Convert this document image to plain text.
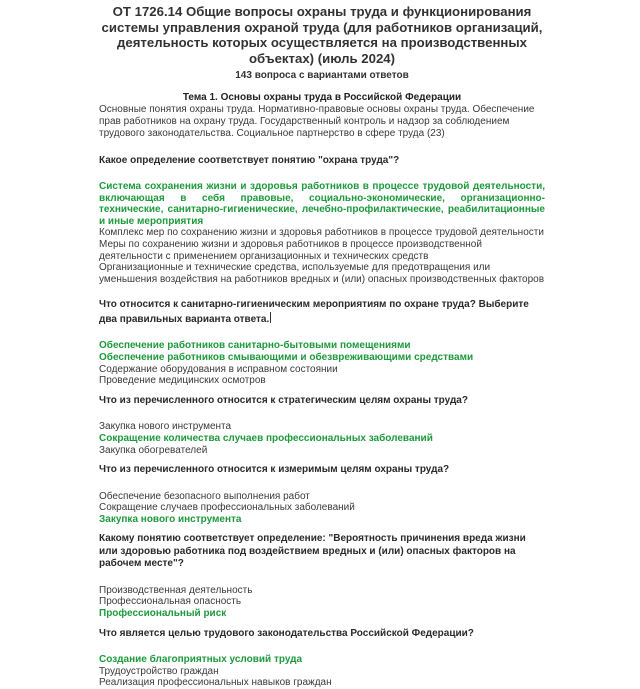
ОТ 1726.14 Общие вопросы охраны труда и функционирования системы управления охраной труда (для работников организаций, деятельность которых осуществляется на производственных объектах) (июль 2024)
143 вопроса с вариантами ответов
Тема 1. Основы охраны труда в Российской Федерации
Основные понятия охраны труда. Нормативно-правовые основы охраны труда. Обеспечение прав работников на охрану труда. Государственный контроль и надзор за соблюдением трудового законодательства. Социальное партнерство в сфере труда (23)
Какое определение соответствует понятию "охрана труда"?
Система сохранения жизни и здоровья работников в процессе трудовой деятельности, включающая в себя правовые, социально-экономические, организационно-технические, санитарно-гигиенические, лечебно-профилактические, реабилитационные и иные мероприятия
Комплекс мер по сохранению жизни и здоровья работников в процессе трудовой деятельности
Меры по сохранению жизни и здоровья работников в процессе производственной деятельности с применением организационных и технических средств
Организационные и технические средства, используемые для предотвращения или уменьшения воздействия на работников вредных и (или) опасных производственных факторов
Что относится к санитарно-гигиеническим мероприятиям по охране труда? Выберите два правильных варианта ответа.
Обеспечение работников санитарно-бытовыми помещениями
Обеспечение работников смывающими и обезвреживающими средствами
Содержание оборудования в исправном состоянии
Проведение медицинских осмотров
Что из перечисленного относится к стратегическим целям охраны труда?
Закупка нового инструмента
Сокращение количества случаев профессиональных заболеваний
Закупка обогревателей
Что из перечисленного относится к измеримым целям охраны труда?
Обеспечение безопасного выполнения работ
Сокращение случаев профессиональных заболеваний
Закупка нового инструмента
Какому понятию соответствует определение: "Вероятность причинения вреда жизни или здоровью работника под воздействием вредных и (или) опасных факторов на рабочем месте"?
Производственная деятельность
Профессиональная опасность
Профессиональный риск
Что является целью трудового законодательства Российской Федерации?
Создание благоприятных условий труда
Трудоустройство граждан
Реализация профессиональных навыков граждан
